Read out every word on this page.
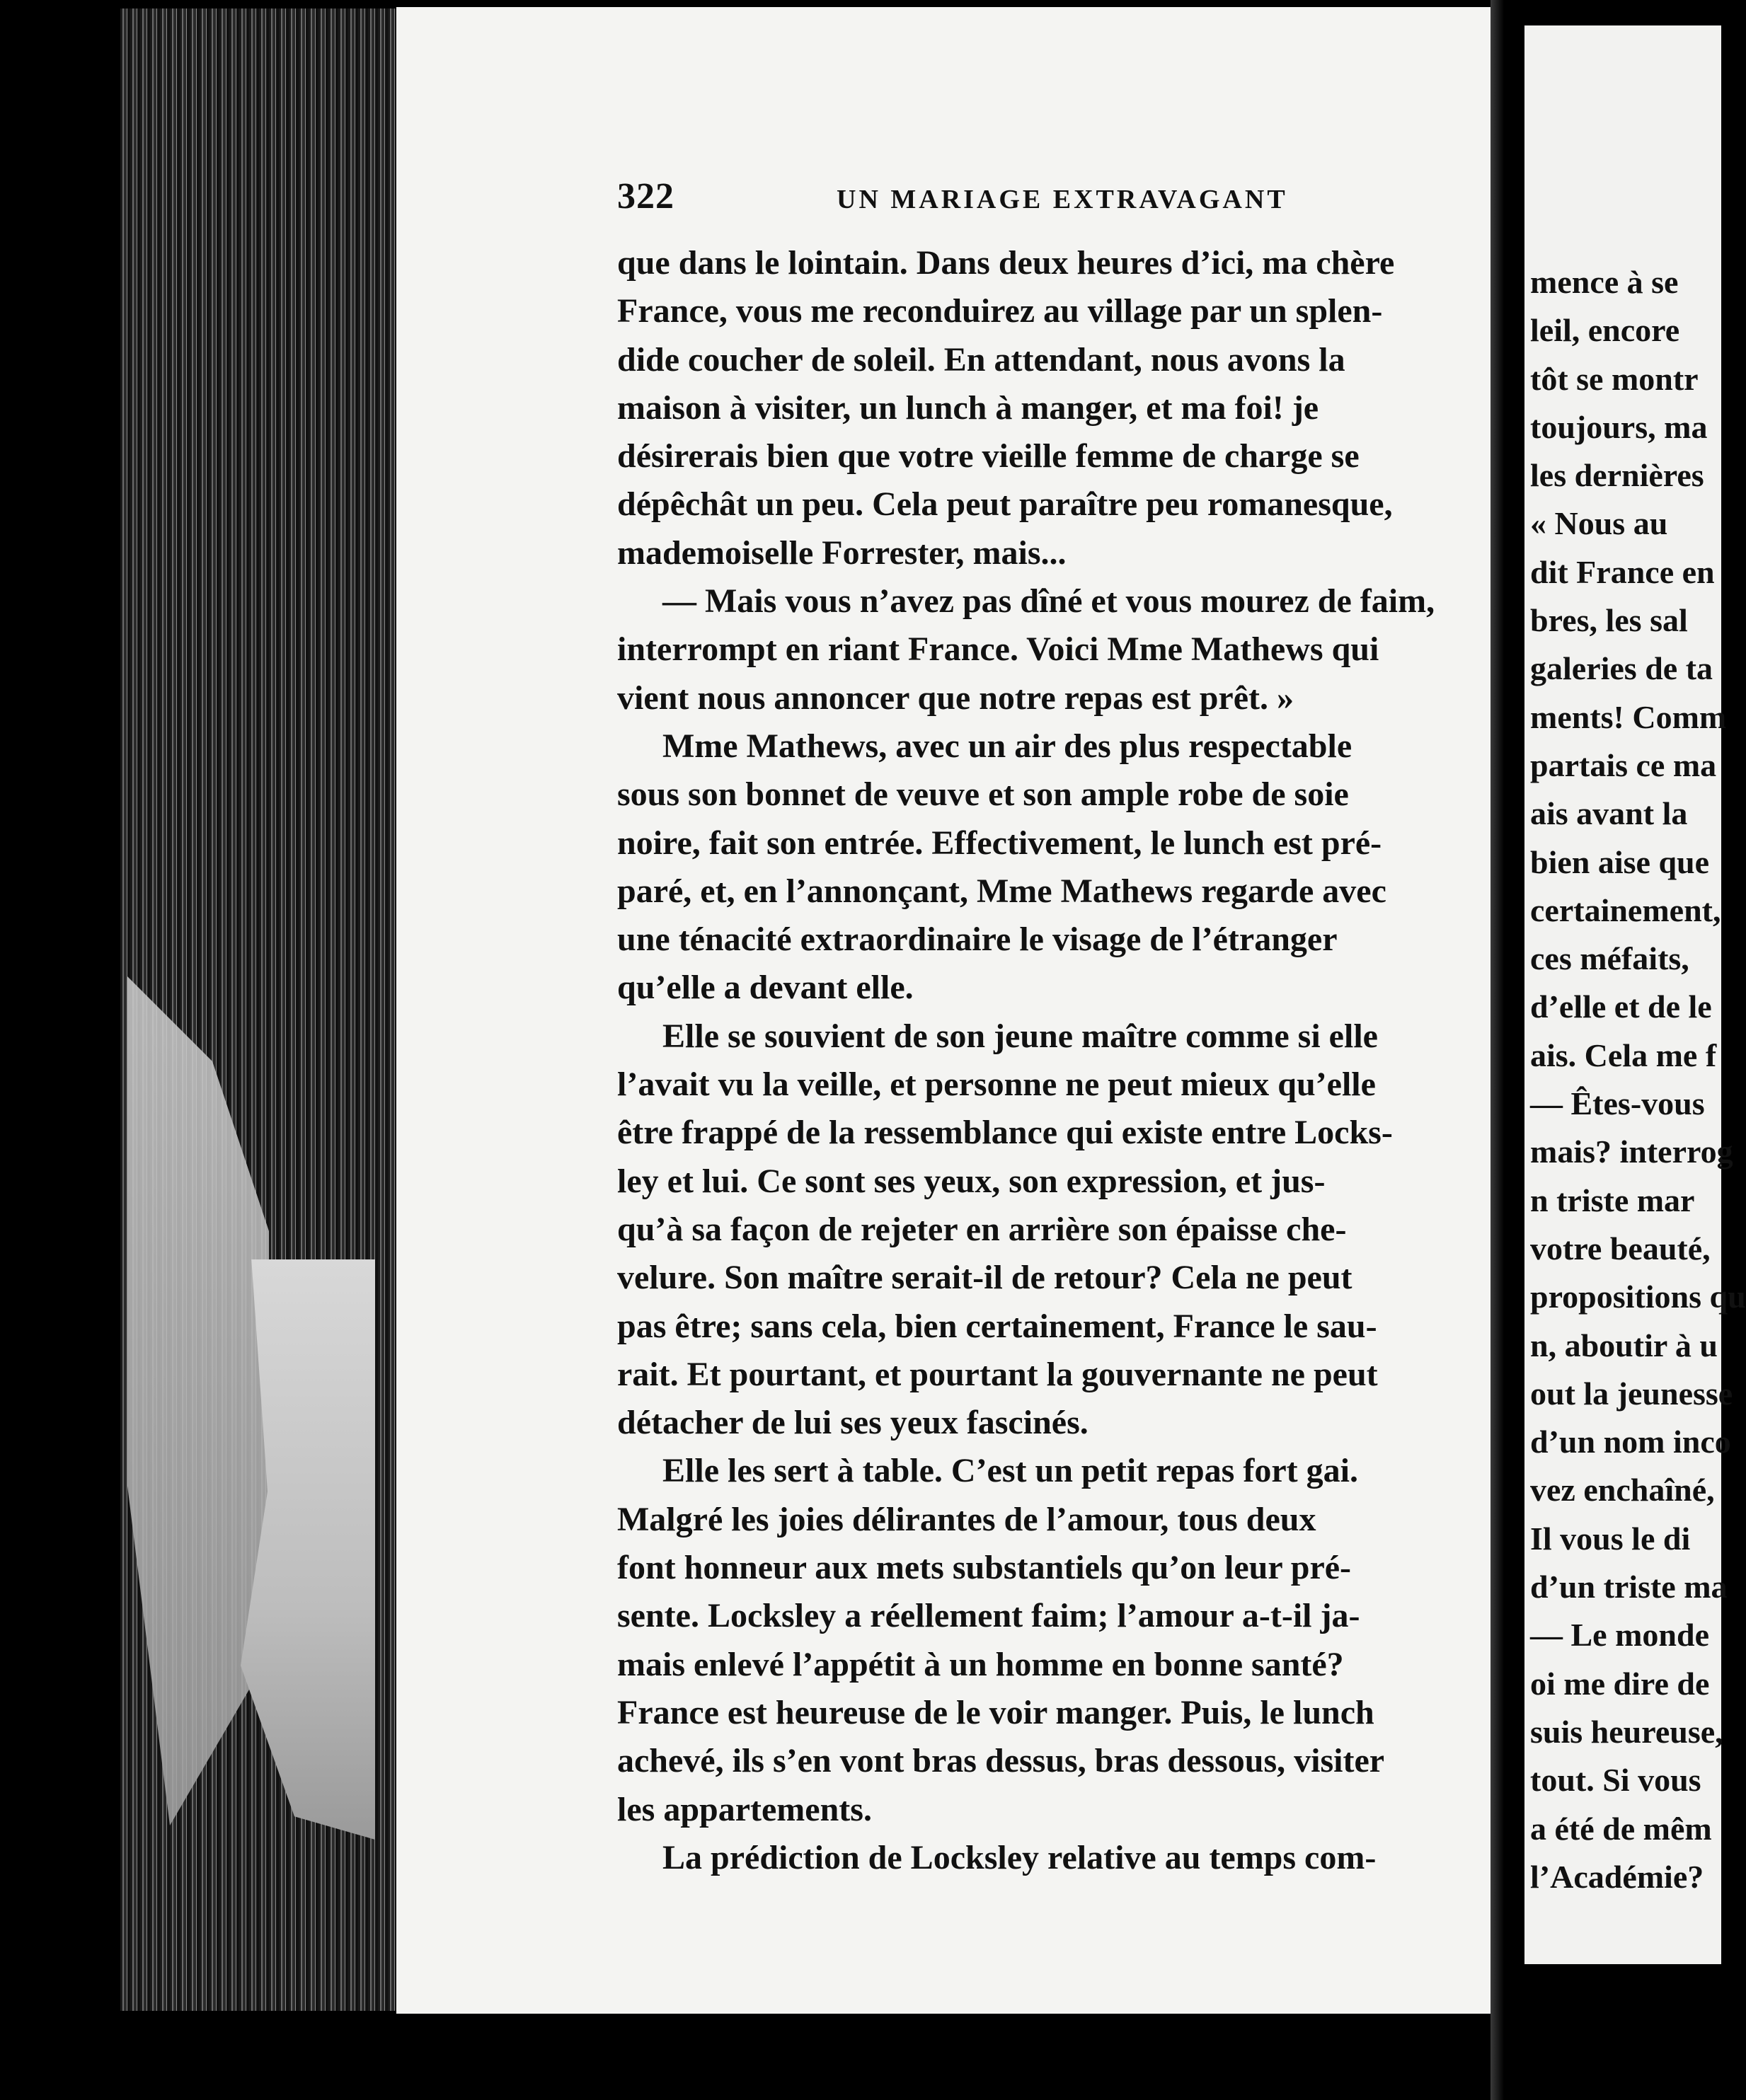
322	UN MARIAGE EXTRAVAGANT
que dans le lointain. Dans deux heures d’ici, ma chère
France, vous me reconduirez au village par un splen-
dide coucher de soleil. En attendant, nous avons la
maison à visiter, un lunch à manger, et ma foi! je
désirerais bien que votre vieille femme de charge se
dépêchât un peu. Cela peut paraître peu romanesque,
mademoiselle Forrester, mais...
— Mais vous n’avez pas dîné et vous mourez de faim,
interrompt en riant France. Voici Mme Mathews qui
vient nous annoncer que notre repas est prêt. »
Mme Mathews, avec un air des plus respectable
sous son bonnet de veuve et son ample robe de soie
noire, fait son entrée. Effectivement, le lunch est pré-
paré, et, en l’annonçant, Mme Mathews regarde avec
une ténacité extraordinaire le visage de l’étranger
qu’elle a devant elle.
Elle se souvient de son jeune maître comme si elle
l’avait vu la veille, et personne ne peut mieux qu’elle
être frappé de la ressemblance qui existe entre Locks-
ley et lui. Ce sont ses yeux, son expression, et jus-
qu’à sa façon de rejeter en arrière son épaisse che-
velure. Son maître serait-il de retour? Cela ne peut
pas être; sans cela, bien certainement, France le sau-
rait. Et pourtant, et pourtant la gouvernante ne peut
détacher de lui ses yeux fascinés.
Elle les sert à table. C’est un petit repas fort gai.
Malgré les joies délirantes de l’amour, tous deux
font honneur aux mets substantiels qu’on leur pré-
sente. Locksley a réellement faim; l’amour a-t-il ja-
mais enlevé l’appétit à un homme en bonne santé?
France est heureuse de le voir manger. Puis, le lunch
achevé, ils s’en vont bras dessus, bras dessous, visiter
les appartements.
La prédiction de Locksley relative au temps com-
mence à se
leil, encore
tôt se montr
toujours, ma
les dernières
« Nous au
dit France en
bres, les sal
galeries de ta
ments! Comm
partais ce ma
ais avant la
bien aise que
certainement,
ces méfaits,
d’elle et de le
ais. Cela me f
— Êtes-vous
mais? interrog
n triste mar
votre beauté,
propositions qu
n, aboutir à u
out la jeunesse
d’un nom inco
vez enchaîné,
Il vous le di
d’un triste ma
— Le monde
oi me dire de
suis heureuse,
tout. Si vous
a été de mêm
l’Académie?
